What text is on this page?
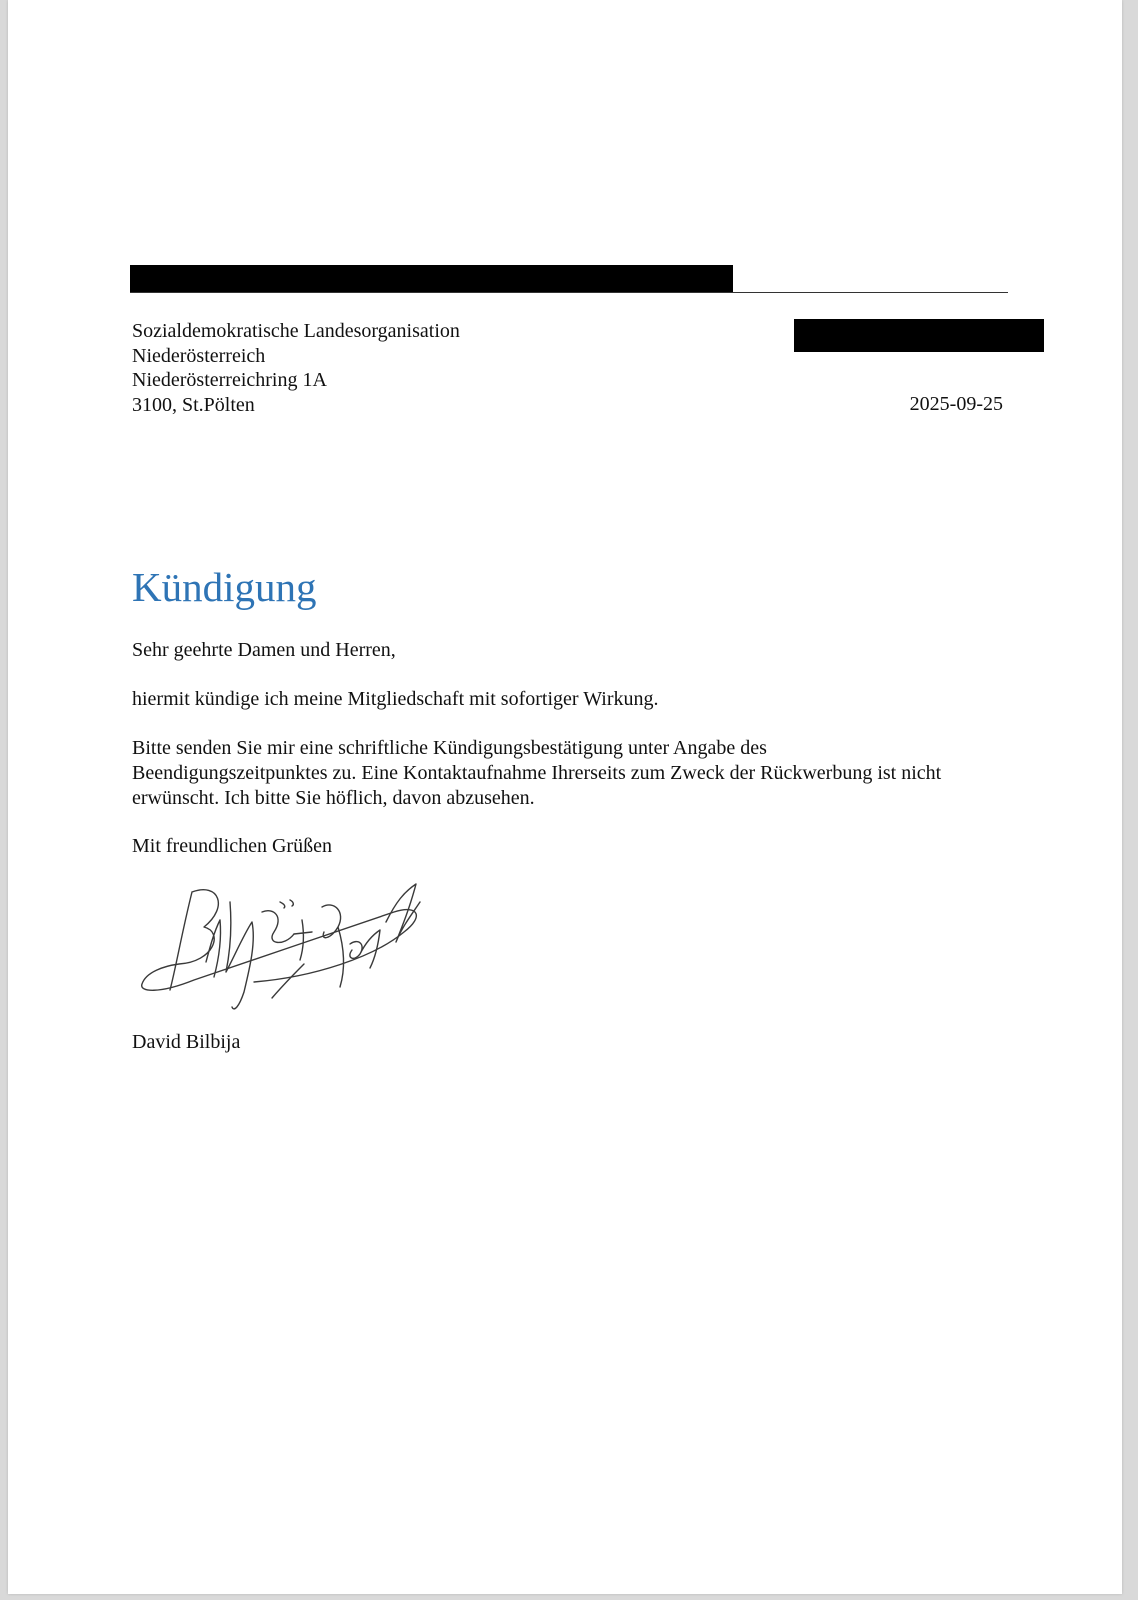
Sozialdemokratische Landesorganisation
Niederösterreich
Niederösterreichring 1A
3100, St.Pölten	2025-09-25
Kündigung
Sehr geehrte Damen und Herren,
hiermit kündige ich meine Mitgliedschaft mit sofortiger Wirkung.
Bitte senden Sie mir eine schriftliche Kündigungsbestätigung unter Angabe des
Beendigungszeitpunktes zu. Eine Kontaktaufnahme Ihrerseits zum Zweck der Rückwerbung ist nicht
erwünscht. Ich bitte Sie höflich, davon abzusehen.
Mit freundlichen Grüßen
David Bilbija
